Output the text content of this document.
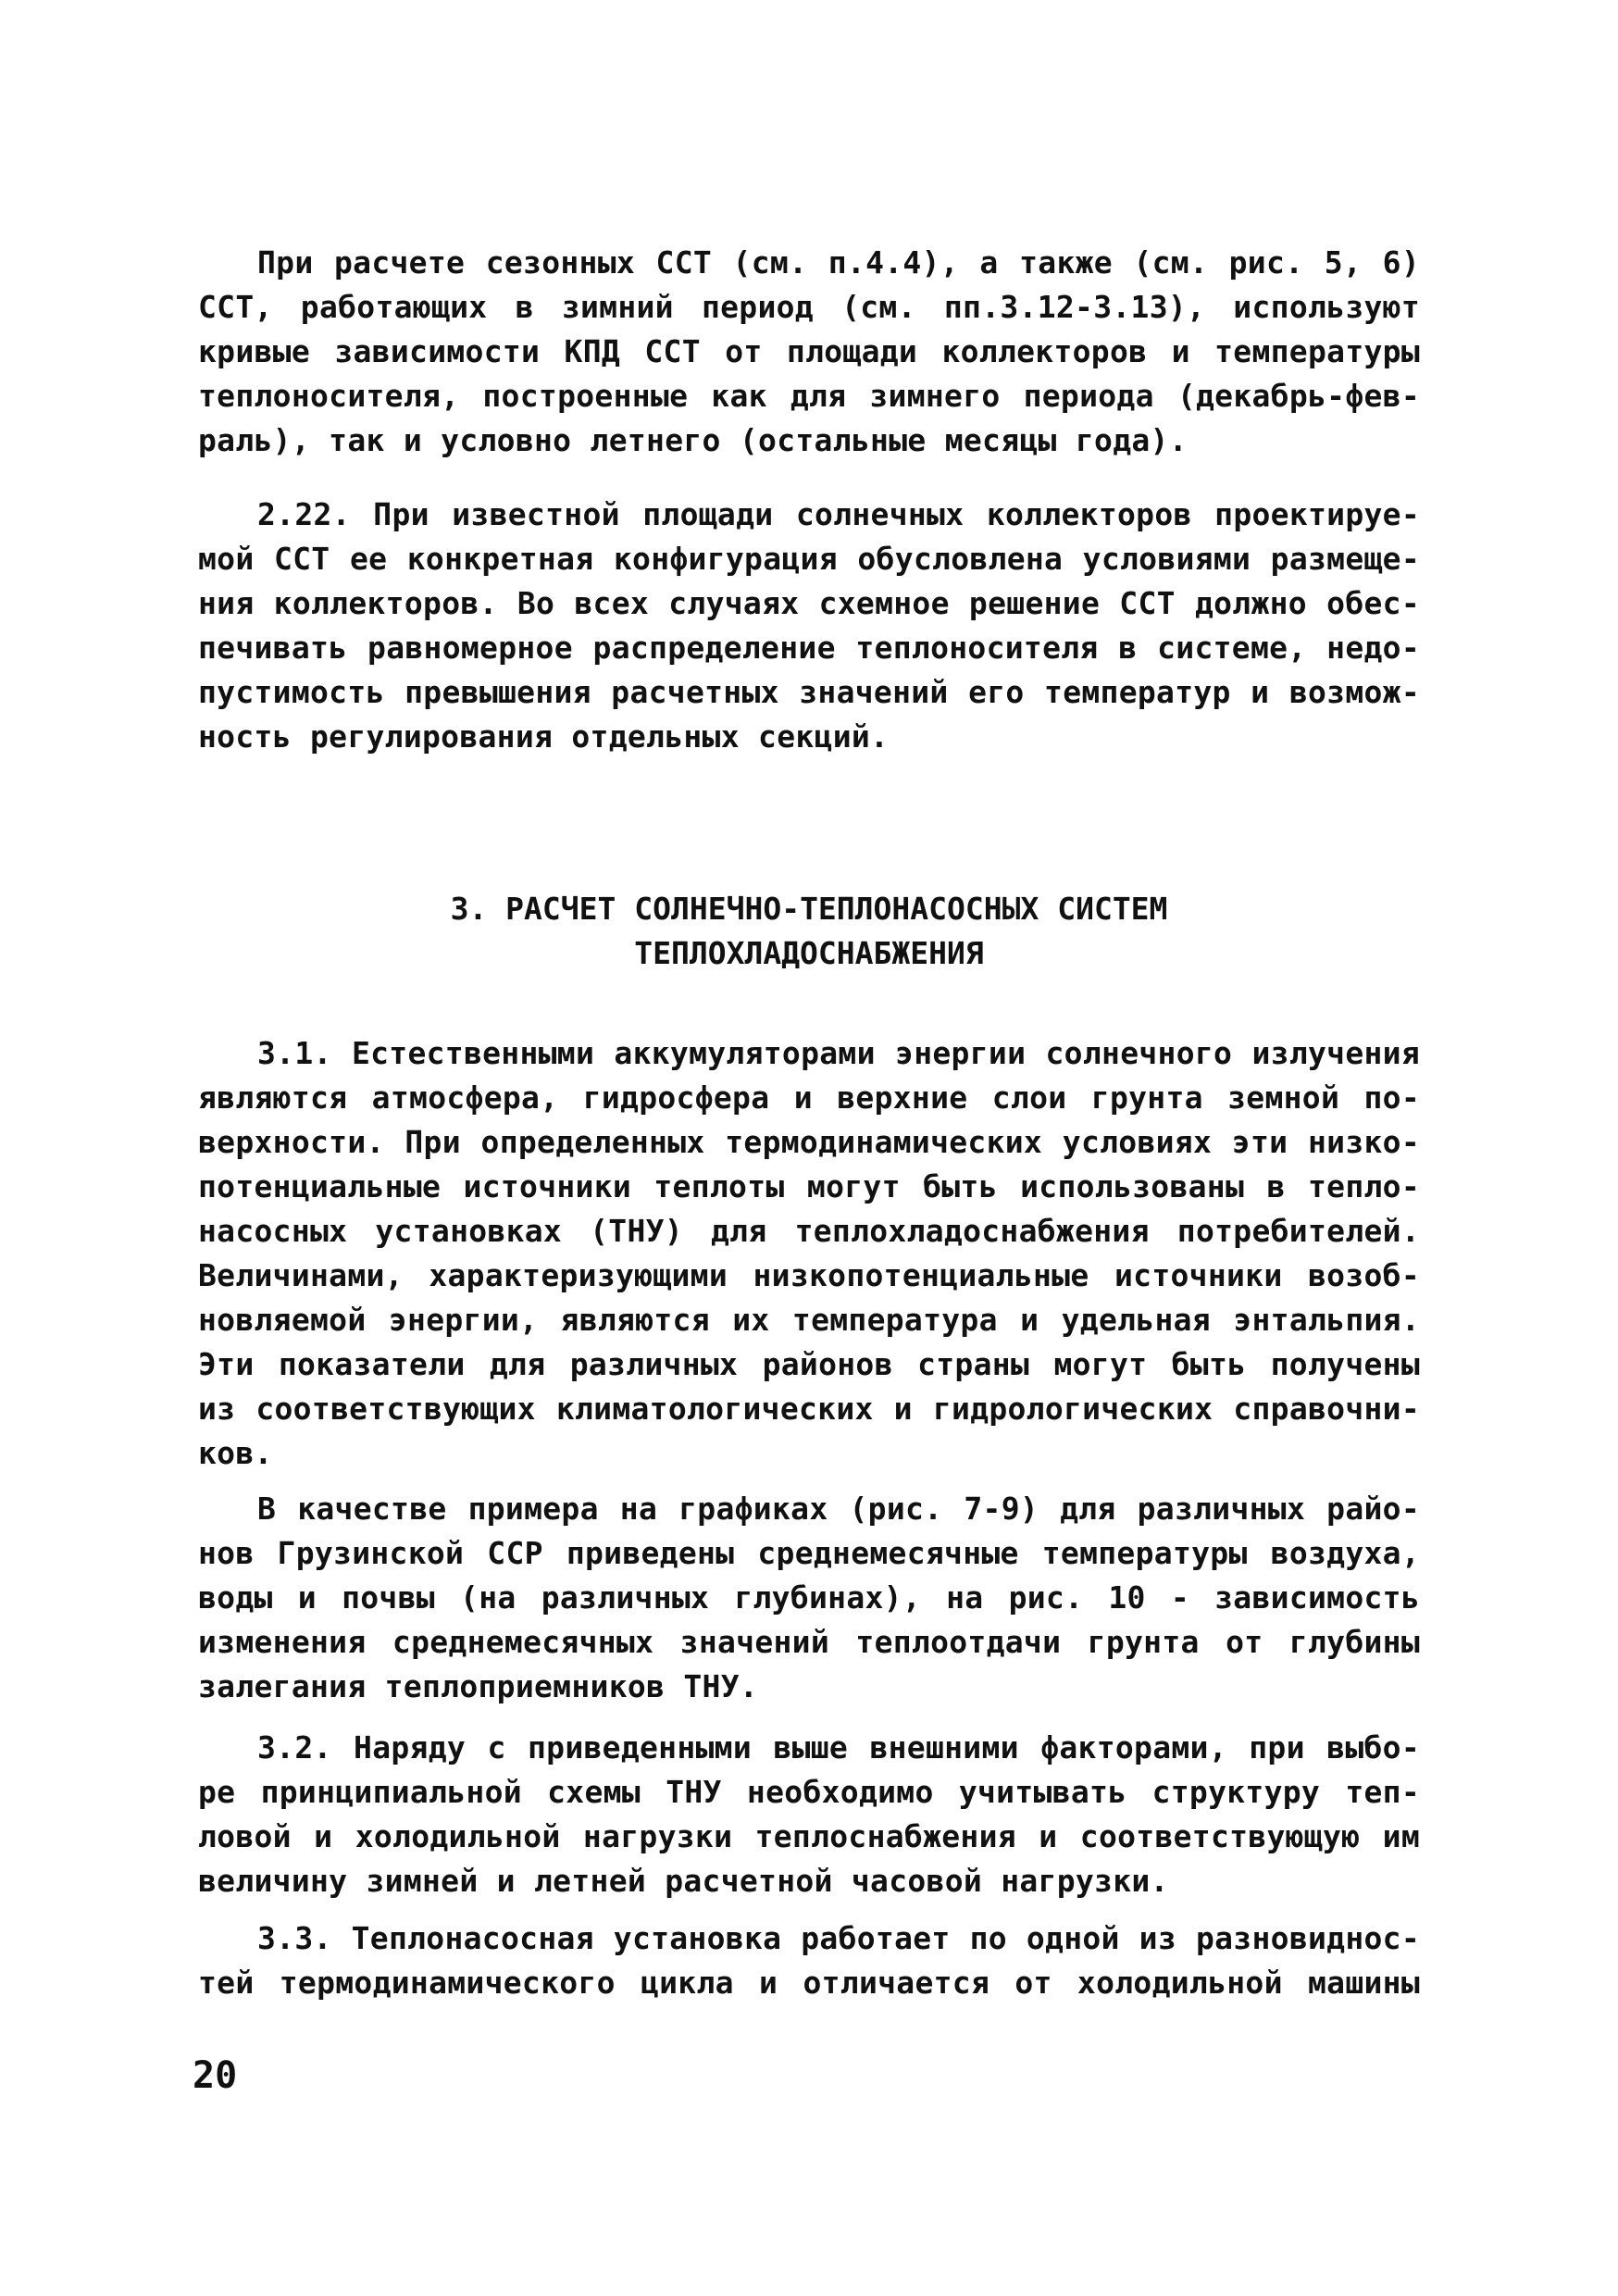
При расчете сезонных ССТ (см. п.4.4), а также (см. рис. 5, 6)
ССТ, работающих в зимний период (см. пп.3.12-3.13), используют
кривые зависимости КПД ССТ от площади коллекторов и температуры
теплоносителя, построенные как для зимнего периода (декабрь-фев-
раль), так и условно летнего (остальные месяцы года).
2.22. При известной площади солнечных коллекторов проектируе-
мой ССТ ее конкретная конфигурация обусловлена условиями размеще-
ния коллекторов. Во всех случаях схемное решение ССТ должно обес-
печивать равномерное распределение теплоносителя в системе, недо-
пустимость превышения расчетных значений его температур и возмож-
ность регулирования отдельных секций.
3. РАСЧЕТ СОЛНЕЧНО-ТЕПЛОНАСОСНЫХ СИСТЕМ
ТЕПЛОХЛАДОСНАБЖЕНИЯ
3.1. Естественными аккумуляторами энергии солнечного излучения
являются атмосфера, гидросфера и верхние слои грунта земной по-
верхности. При определенных термодинамических условиях эти низко-
потенциальные источники теплоты могут быть использованы в тепло-
насосных установках (ТНУ) для теплохладоснабжения потребителей.
Величинами, характеризующими низкопотенциальные источники возоб-
новляемой энергии, являются их температура и удельная энтальпия.
Эти показатели для различных районов страны могут быть получены
из соответствующих климатологических и гидрологических справочни-
ков.
В качестве примера на графиках (рис. 7-9) для различных райо-
нов Грузинской ССР приведены среднемесячные температуры воздуха,
воды и почвы (на различных глубинах), на рис. 10 - зависимость
изменения среднемесячных значений теплоотдачи грунта от глубины
залегания теплоприемников ТНУ.
3.2. Наряду с приведенными выше внешними факторами, при выбо-
ре принципиальной схемы ТНУ необходимо учитывать структуру теп-
ловой и холодильной нагрузки теплоснабжения и соответствующую им
величину зимней и летней расчетной часовой нагрузки.
3.3. Теплонасосная установка работает по одной из разновиднос-
тей термодинамического цикла и отличается от холодильной машины
20
